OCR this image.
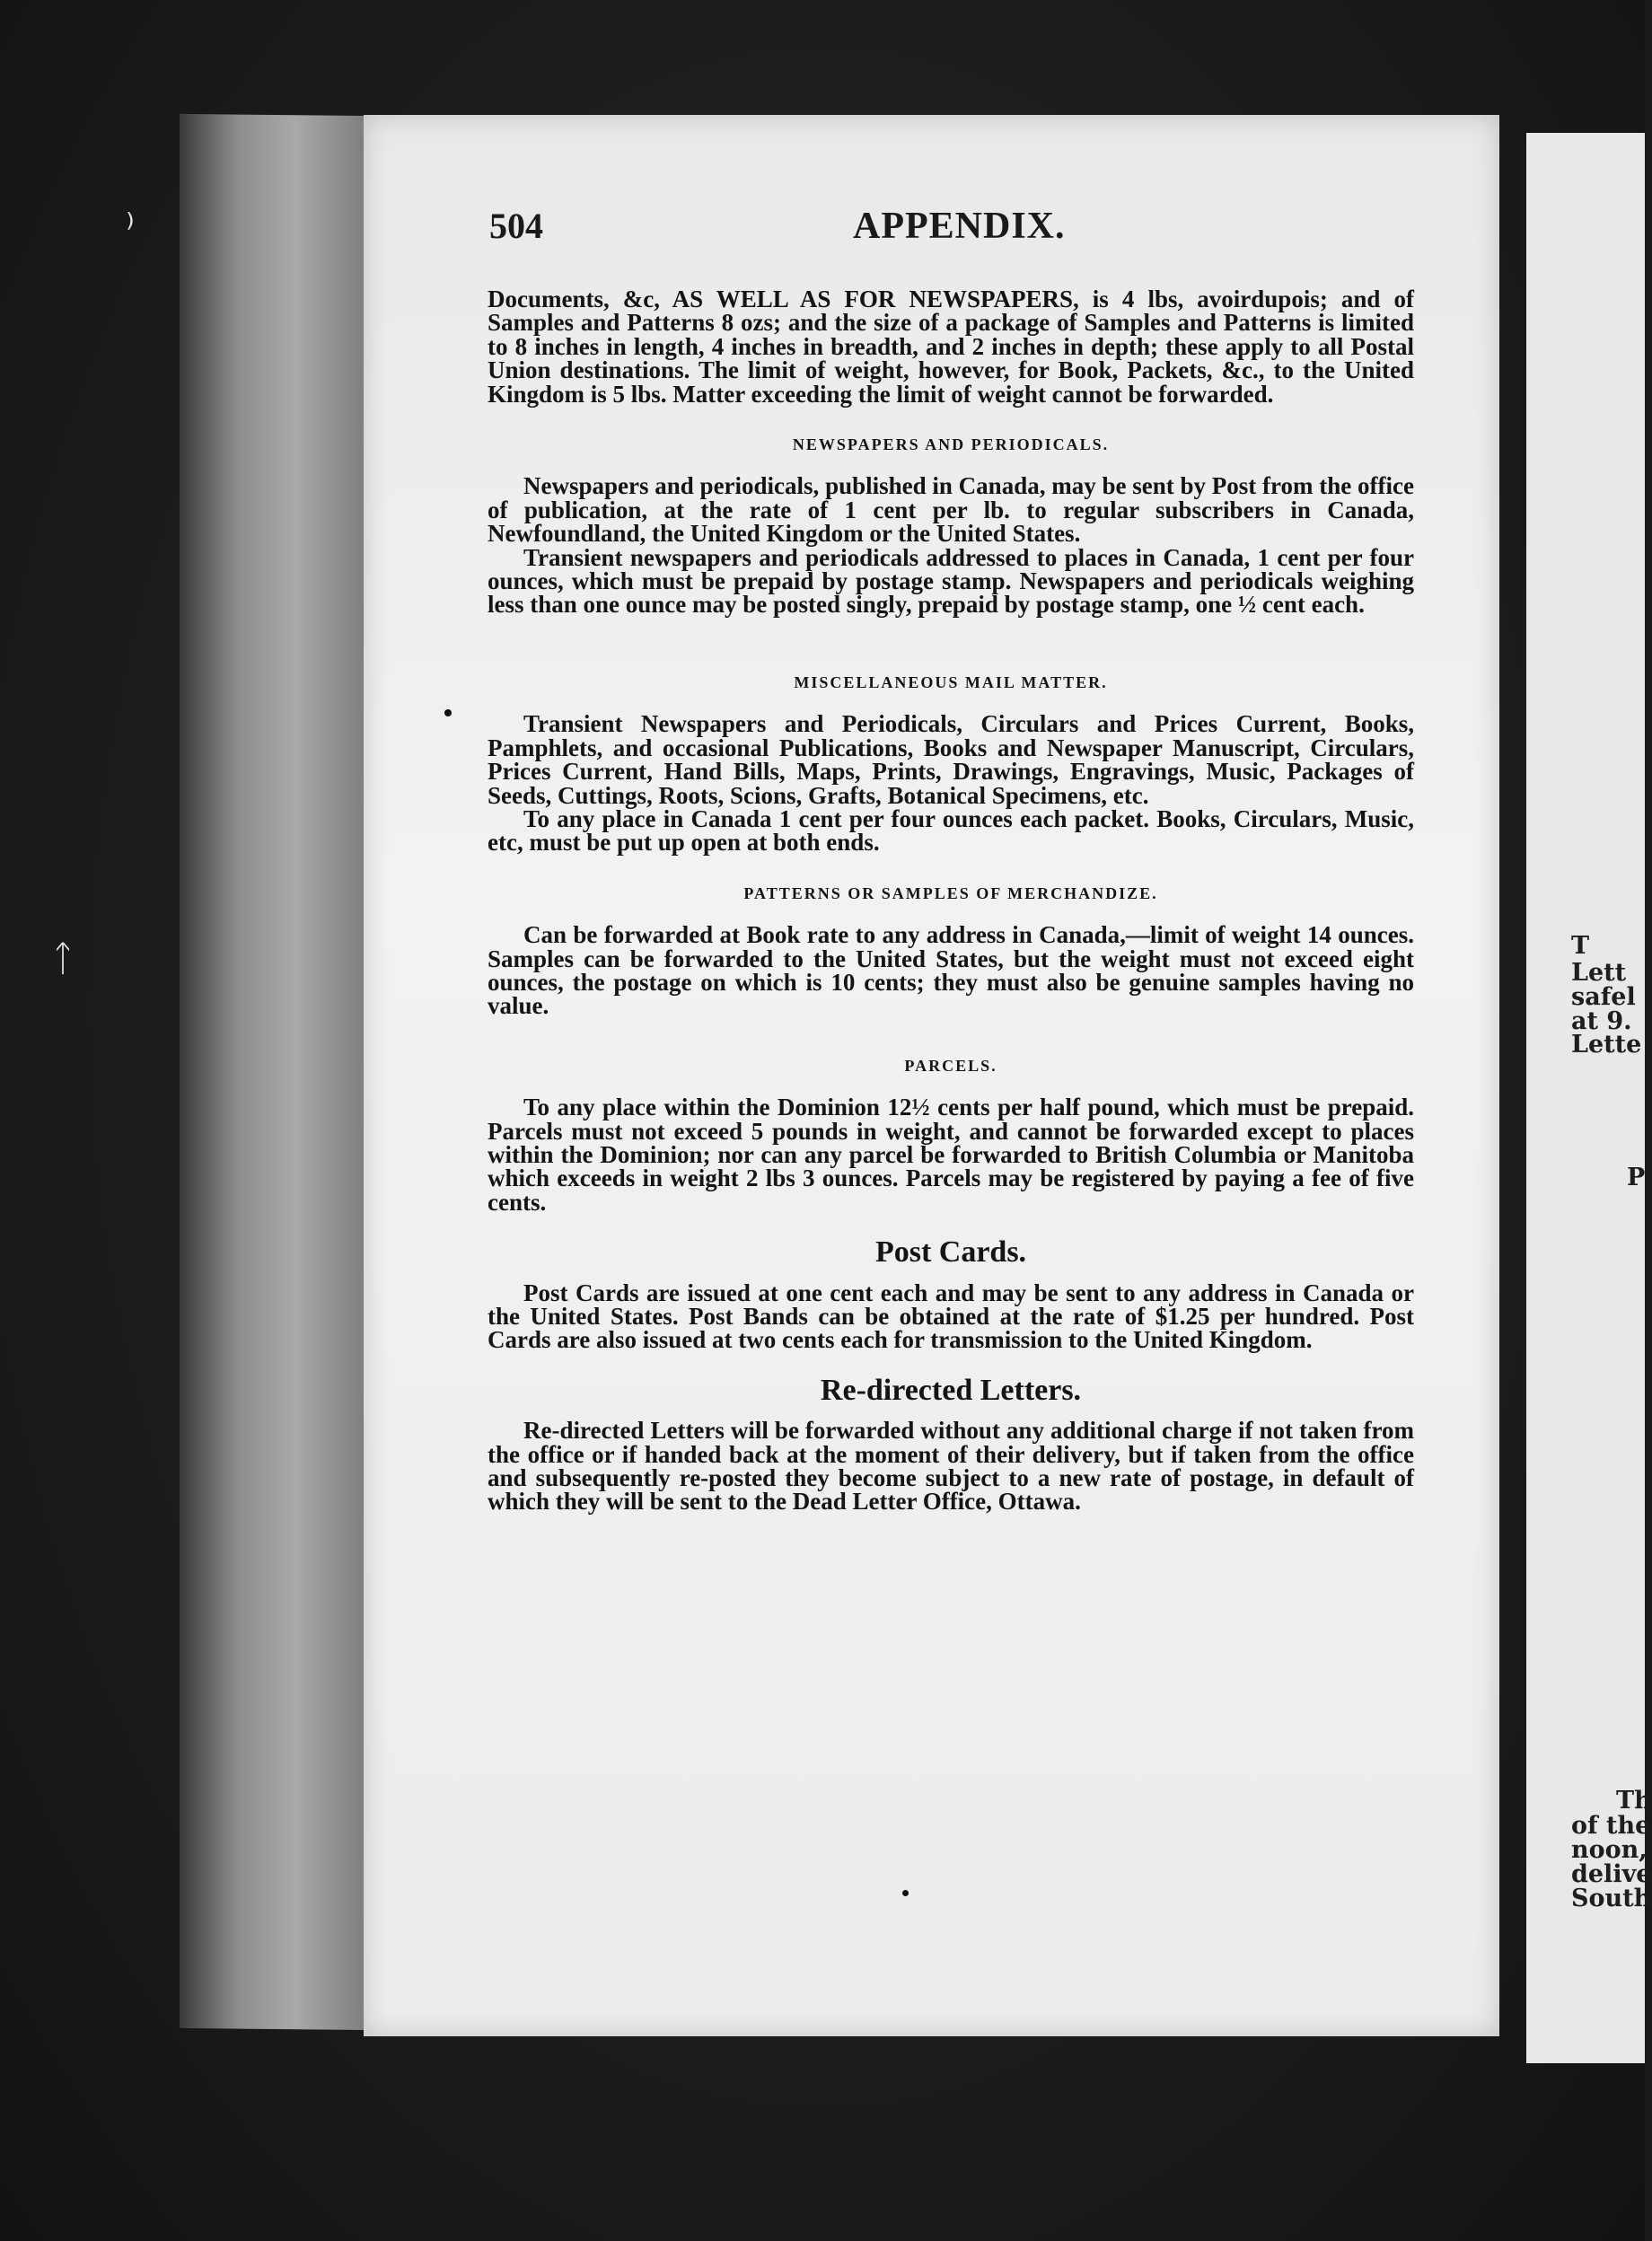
T
Lett
safel
at 9.
Lette
P
Th
of the
noon,
delive
South
504	APPENDIX.

Documents, &c, AS WELL AS FOR NEWSPAPERS, is 4 lbs, avoirdupois; and of Samples and Patterns 8 ozs; and the size of a package of Samples and Patterns is limited to 8 inches in length, 4 inches in breadth, and 2 inches in depth; these apply to all Postal Union destinations. The limit of weight, however, for Book, Packets, &c., to the United Kingdom is 5 lbs. Matter exceeding the limit of weight cannot be forwarded.

NEWSPAPERS AND PERIODICALS.

Newspapers and periodicals, published in Canada, may be sent by Post from the office of publication, at the rate of 1 cent per lb. to regular subscribers in Canada, Newfoundland, the United Kingdom or the United States.

Transient newspapers and periodicals addressed to places in Canada, 1 cent per four ounces, which must be prepaid by postage stamp. Newspapers and periodicals weighing less than one ounce may be posted singly, prepaid by postage stamp, one ½ cent each.

MISCELLANEOUS MAIL MATTER.

Transient Newspapers and Periodicals, Circulars and Prices Current, Books, Pamphlets, and occasional Publications, Books and Newspaper Manuscript, Circulars, Prices Current, Hand Bills, Maps, Prints, Drawings, Engravings, Music, Packages of Seeds, Cuttings, Roots, Scions, Grafts, Botanical Specimens, etc.

To any place in Canada 1 cent per four ounces each packet. Books, Circulars, Music, etc, must be put up open at both ends.

PATTERNS OR SAMPLES OF MERCHANDIZE.

Can be forwarded at Book rate to any address in Canada,—limit of weight 14 ounces. Samples can be forwarded to the United States, but the weight must not exceed eight ounces, the postage on which is 10 cents; they must also be genuine samples having no value.

PARCELS.

To any place within the Dominion 12½ cents per half pound, which must be prepaid. Parcels must not exceed 5 pounds in weight, and cannot be forwarded except to places within the Dominion; nor can any parcel be forwarded to British Columbia or Manitoba which exceeds in weight 2 lbs 3 ounces. Parcels may be registered by paying a fee of five cents.

Post Cards.

Post Cards are issued at one cent each and may be sent to any address in Canada or the United States. Post Bands can be obtained at the rate of $1.25 per hundred. Post Cards are also issued at two cents each for transmission to the United Kingdom.

Re-directed Letters.

Re-directed Letters will be forwarded without any additional charge if not taken from the office or if handed back at the moment of their delivery, but if taken from the office and subsequently re-posted they become subject to a new rate of postage, in default of which they will be sent to the Dead Letter Office, Ottawa.

⁾
ᛏ
